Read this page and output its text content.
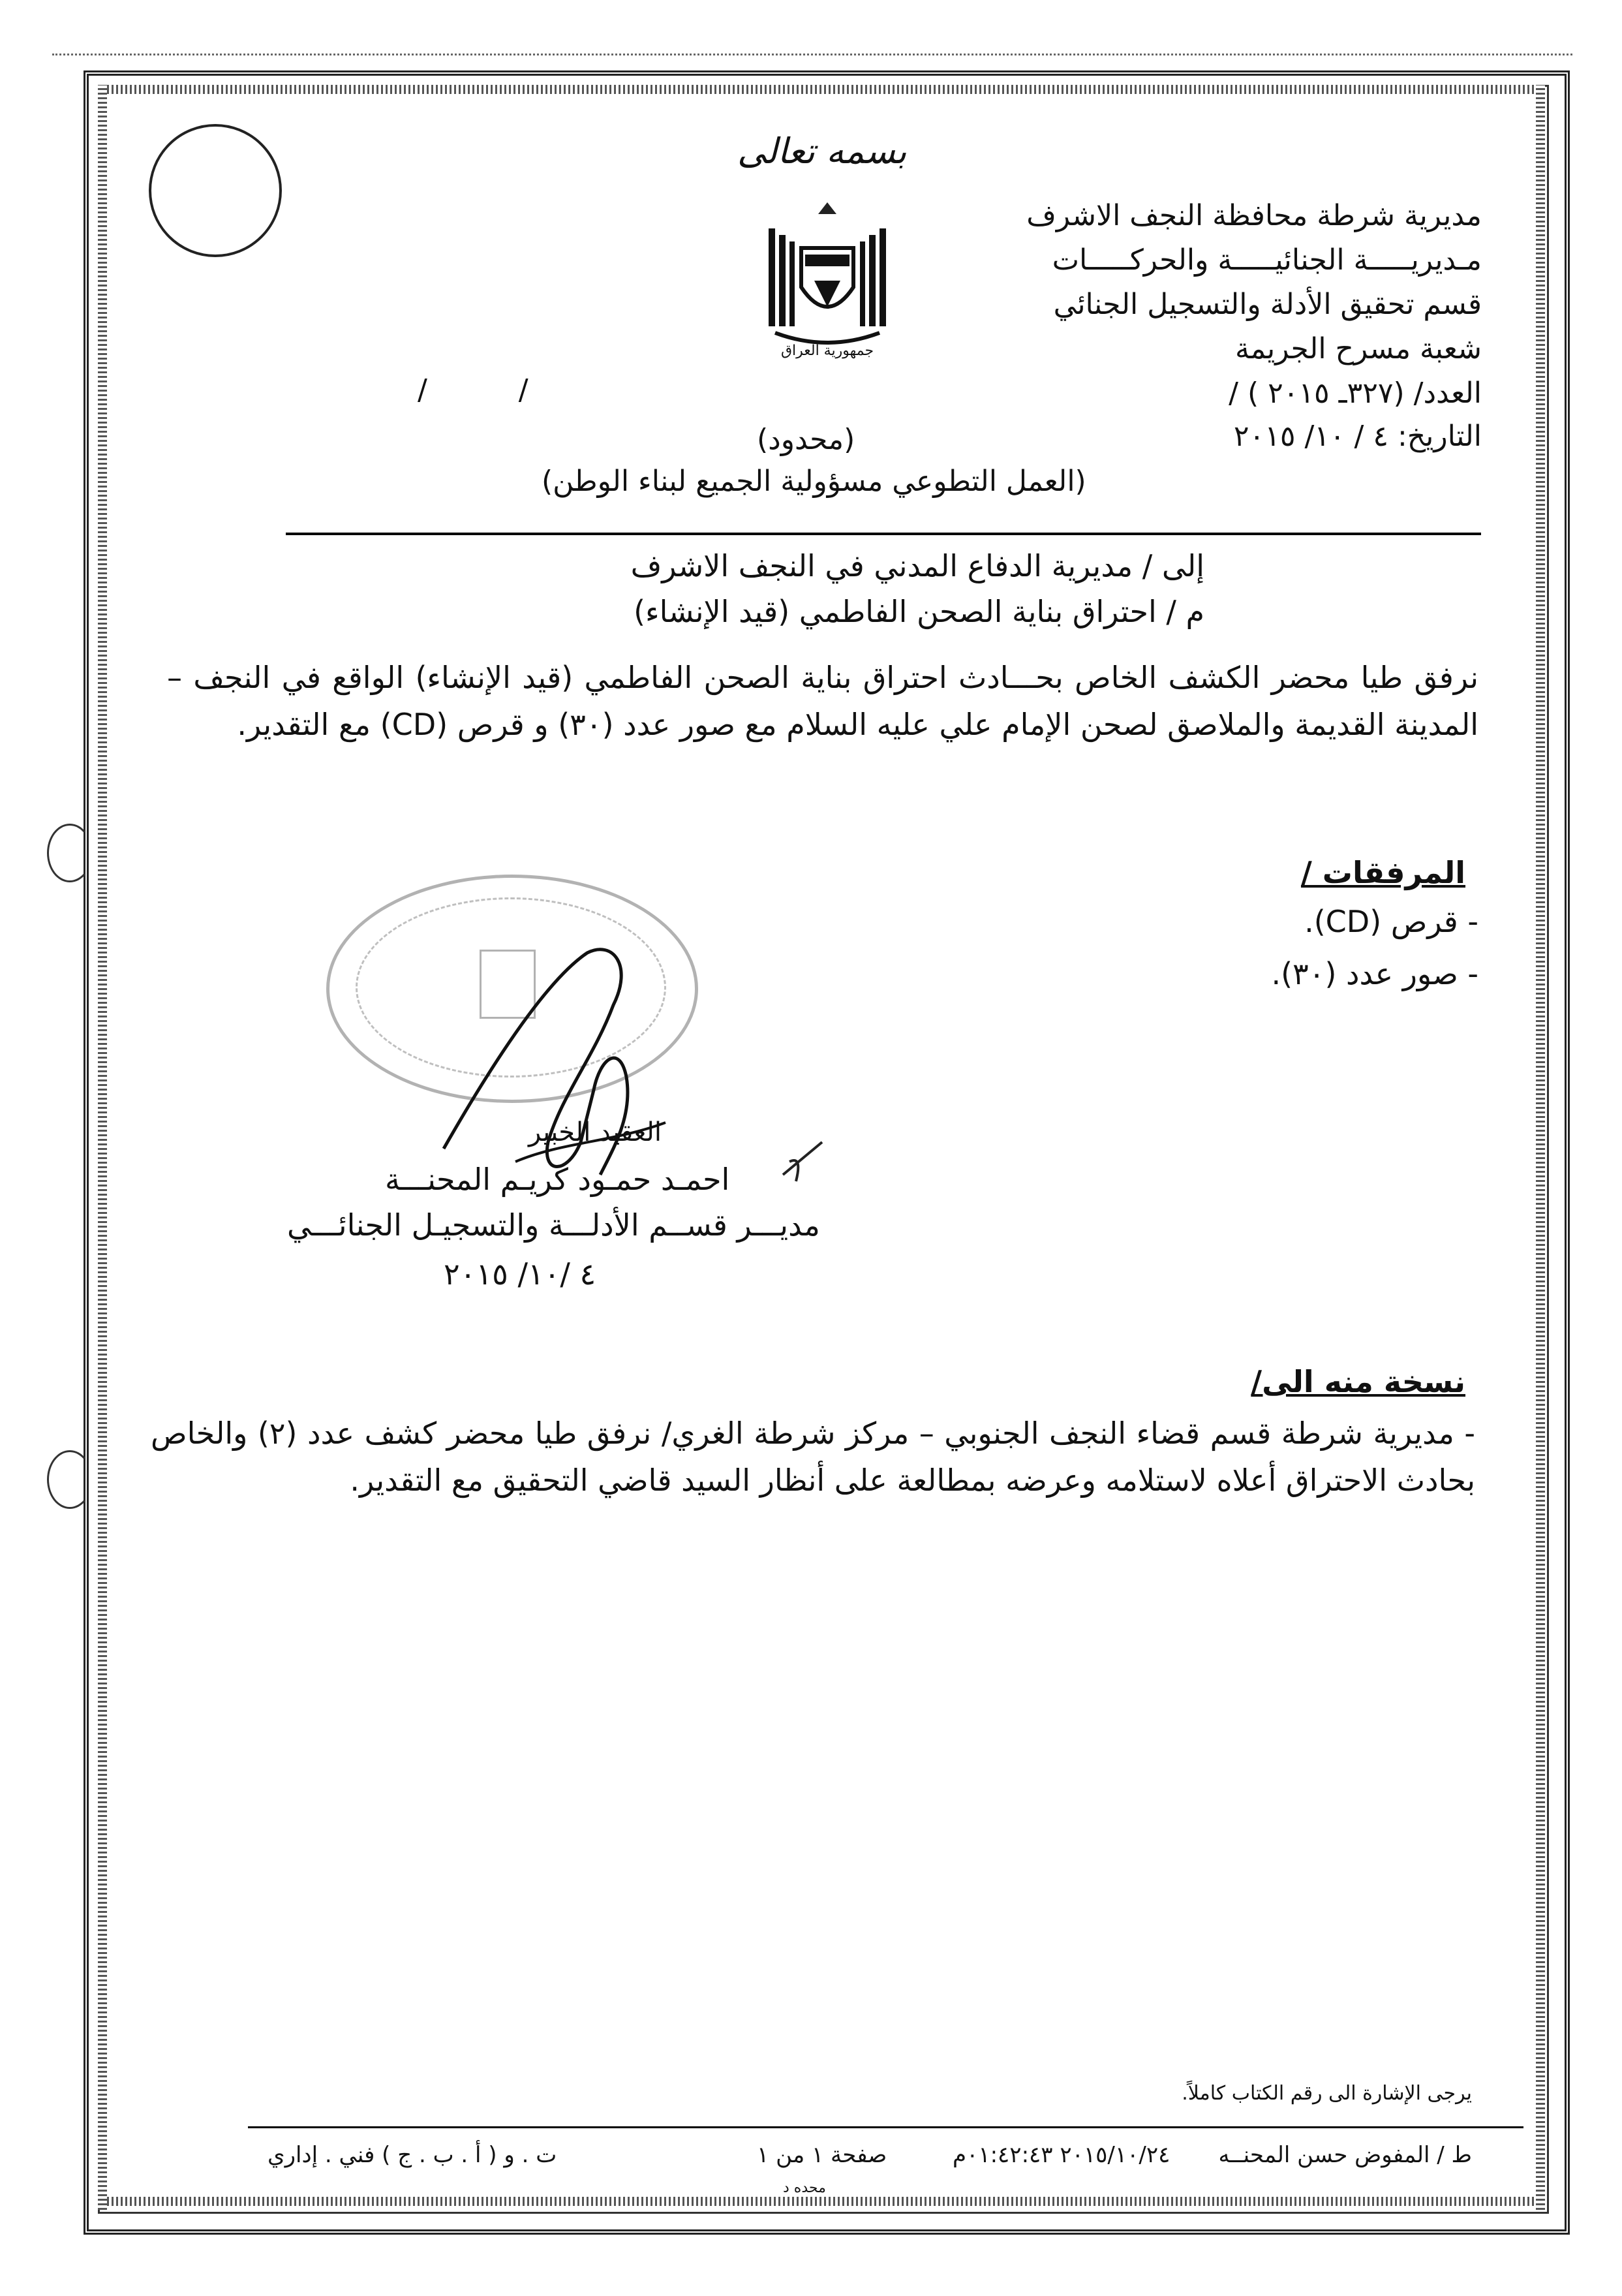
بسمه تعالى
جمهورية العراق
مديرية شرطة محافظة النجف الاشرف
مـديريـــــة الجنائيـــــة والحركـــــات
قسم تحقيق الأدلة والتسجيل الجنائي
شعبة مسرح الجريمة
العدد/ (٣٢٧ـ ٢٠١٥ ) /
التاريخ: ٤ / ١٠/ ٢٠١٥
/          /
(محدود)
(العمل التطوعي مسؤولية الجميع لبناء الوطن)
إلى / مديرية الدفاع المدني في النجف الاشرف
م / احتراق بناية الصحن الفاطمي (قيد الإنشاء)
نرفق طيا محضر الكشف الخاص بحـــادث احتراق بناية الصحن الفاطمي (قيد الإنشاء) الواقع في النجف – المدينة القديمة والملاصق لصحن الإمام علي عليه السلام مع صور عدد (٣٠) و قرص (CD) مع التقدير.
المرفقات /
- قرص (CD).
- صور عدد (٣٠).
العقيد الخبير
احمـد حمـود كريـم المحنـــة
مديـــر قســم الأدلـــة والتسجيـل الجنائـــي
٤ /١٠/ ٢٠١٥
نسخة منه الى/
- مديرية شرطة قسم قضاء النجف الجنوبي – مركز شرطة الغري/ نرفق طيا محضر كشف عدد (٢) والخاص بحادث الاحتراق أعلاه لاستلامه وعرضه بمطالعة على أنظار السيد قاضي التحقيق مع التقدير.
يرجى الإشارة الى رقم الكتاب كاملاً.
ط / المفوض حسن المحنــه
٢٠١٥/١٠/٢٤ ٠١:٤٢:٤٣م
صفحة ١ من ١
ت . و ( أ . ب . ج ) فني . إداري
محده د
